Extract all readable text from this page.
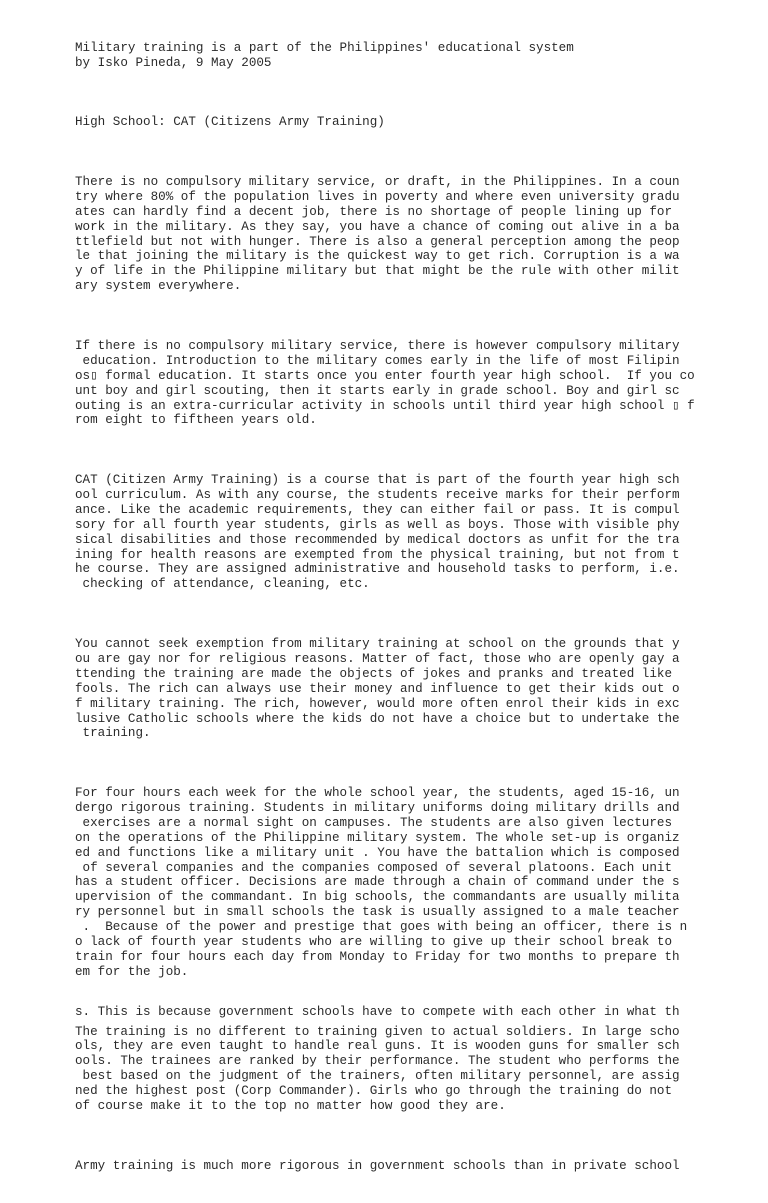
Military training is a part of the Philippines' educational system
by Isko Pineda, 9 May 2005

High School: CAT (Citizens Army Training)

There is no compulsory military service, or draft, in the Philippines. In a coun
try where 80% of the population lives in poverty and where even university gradu
ates can hardly find a decent job, there is no shortage of people lining up for
work in the military. As they say, you have a chance of coming out alive in a ba
ttlefield but not with hunger. There is also a general perception among the peop
le that joining the military is the quickest way to get rich. Corruption is a wa
y of life in the Philippine military but that might be the rule with other milit
ary system everywhere.

If there is no compulsory military service, there is however compulsory military
education. Introduction to the military comes early in the life of most Filipin
os▯ formal education. It starts once you enter fourth year high school.  If you co
unt boy and girl scouting, then it starts early in grade school. Boy and girl sc
outing is an extra-curricular activity in schools until third year high school ▯ f
rom eight to fiftheen years old.

CAT (Citizen Army Training) is a course that is part of the fourth year high sch
ool curriculum. As with any course, the students receive marks for their perform
ance. Like the academic requirements, they can either fail or pass. It is compul
sory for all fourth year students, girls as well as boys. Those with visible phy
sical disabilities and those recommended by medical doctors as unfit for the tra
ining for health reasons are exempted from the physical training, but not from t
he course. They are assigned administrative and household tasks to perform, i.e.
checking of attendance, cleaning, etc.

You cannot seek exemption from military training at school on the grounds that y
ou are gay nor for religious reasons. Matter of fact, those who are openly gay a
ttending the training are made the objects of jokes and pranks and treated like
fools. The rich can always use their money and influence to get their kids out o
f military training. The rich, however, would more often enrol their kids in exc
lusive Catholic schools where the kids do not have a choice but to undertake the
training.

For four hours each week for the whole school year, the students, aged 15-16, un
dergo rigorous training. Students in military uniforms doing military drills and
exercises are a normal sight on campuses. The students are also given lectures
on the operations of the Philippine military system. The whole set-up is organiz
ed and functions like a military unit . You have the battalion which is composed
of several companies and the companies composed of several platoons. Each unit
has a student officer. Decisions are made through a chain of command under the s
upervision of the commandant. In big schools, the commandants are usually milita
ry personnel but in small schools the task is usually assigned to a male teacher
.  Because of the power and prestige that goes with being an officer, there is n
o lack of fourth year students who are willing to give up their school break to
train for four hours each day from Monday to Friday for two months to prepare th
em for the job.

The training is no different to training given to actual soldiers. In large scho
ols, they are even taught to handle real guns. It is wooden guns for smaller sch
ools. The trainees are ranked by their performance. The student who performs the
best based on the judgment of the trainers, often military personnel, are assig
ned the highest post (Corp Commander). Girls who go through the training do not
of course make it to the top no matter how good they are.

Army training is much more rigorous in government schools than in private school

s. This is because government schools have to compete with each other in what th
